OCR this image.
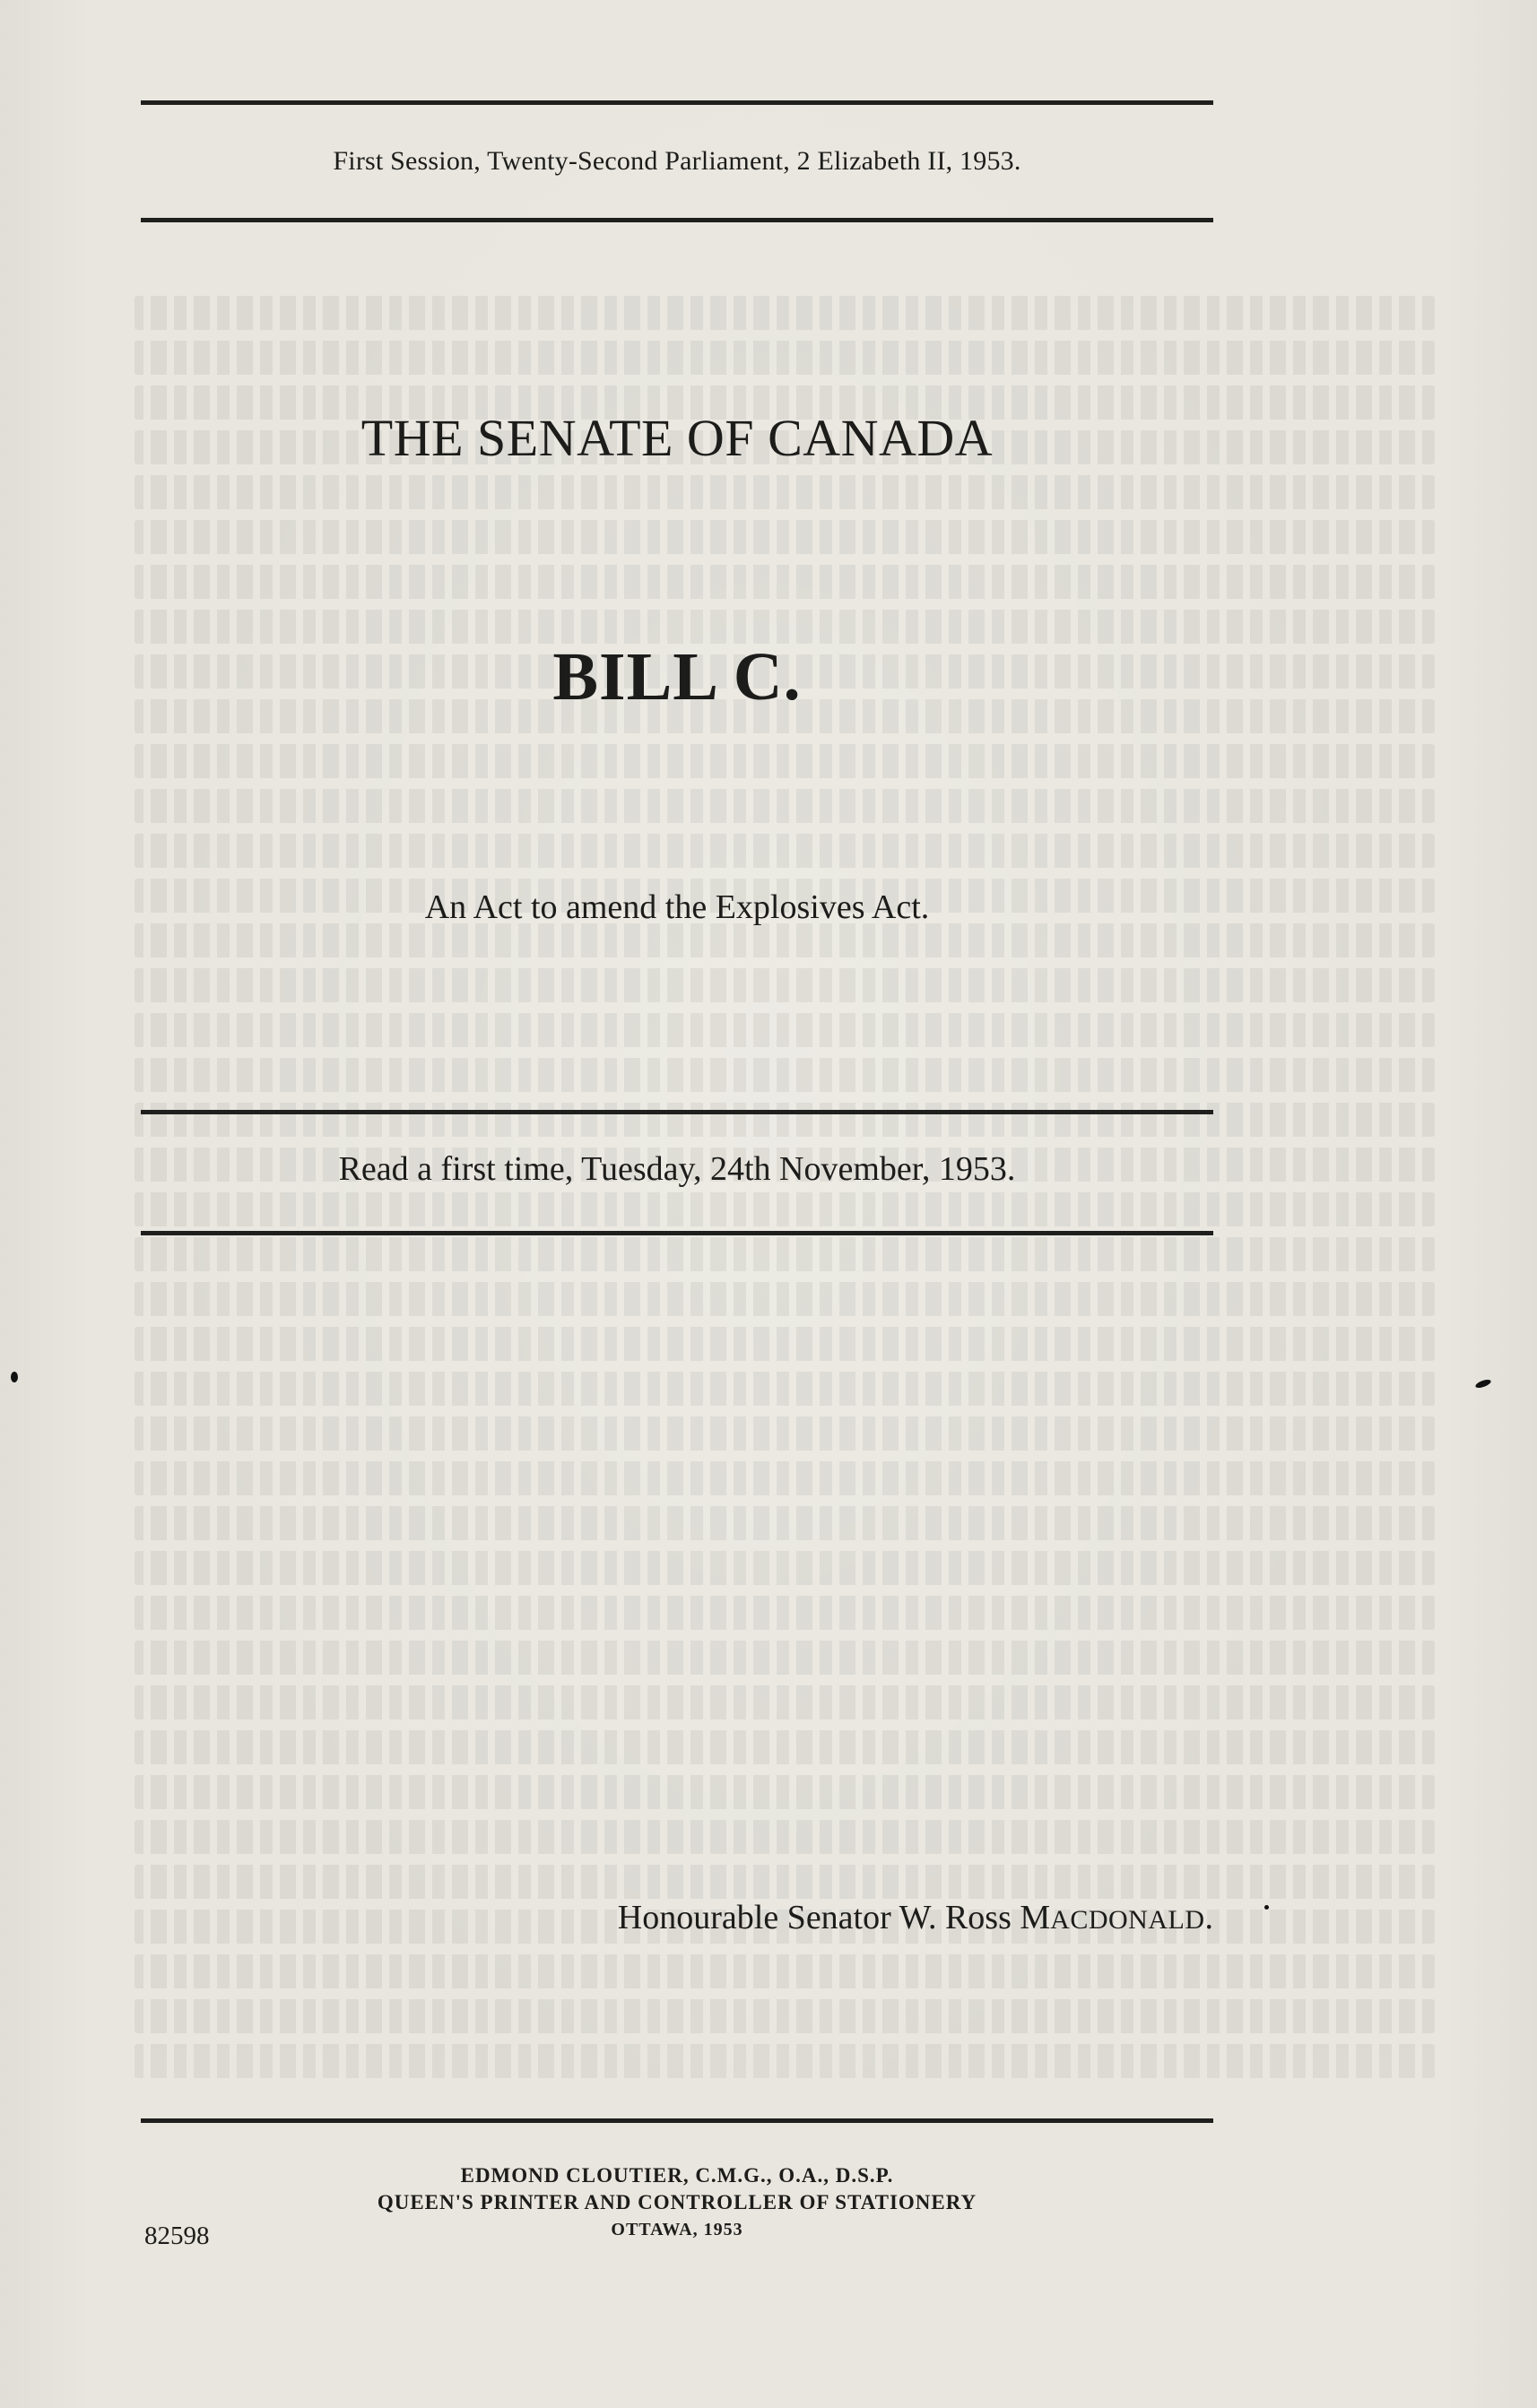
First Session, Twenty-Second Parliament, 2 Elizabeth II, 1953.
THE SENATE OF CANADA
BILL C.
An Act to amend the Explosives Act.
Read a first time, Tuesday, 24th November, 1953.
Honourable Senator W. Ross MACDONALD.
EDMOND CLOUTIER, C.M.G., O.A., D.S.P.
QUEEN'S PRINTER AND CONTROLLER OF STATIONERY
OTTAWA, 1953
82598
